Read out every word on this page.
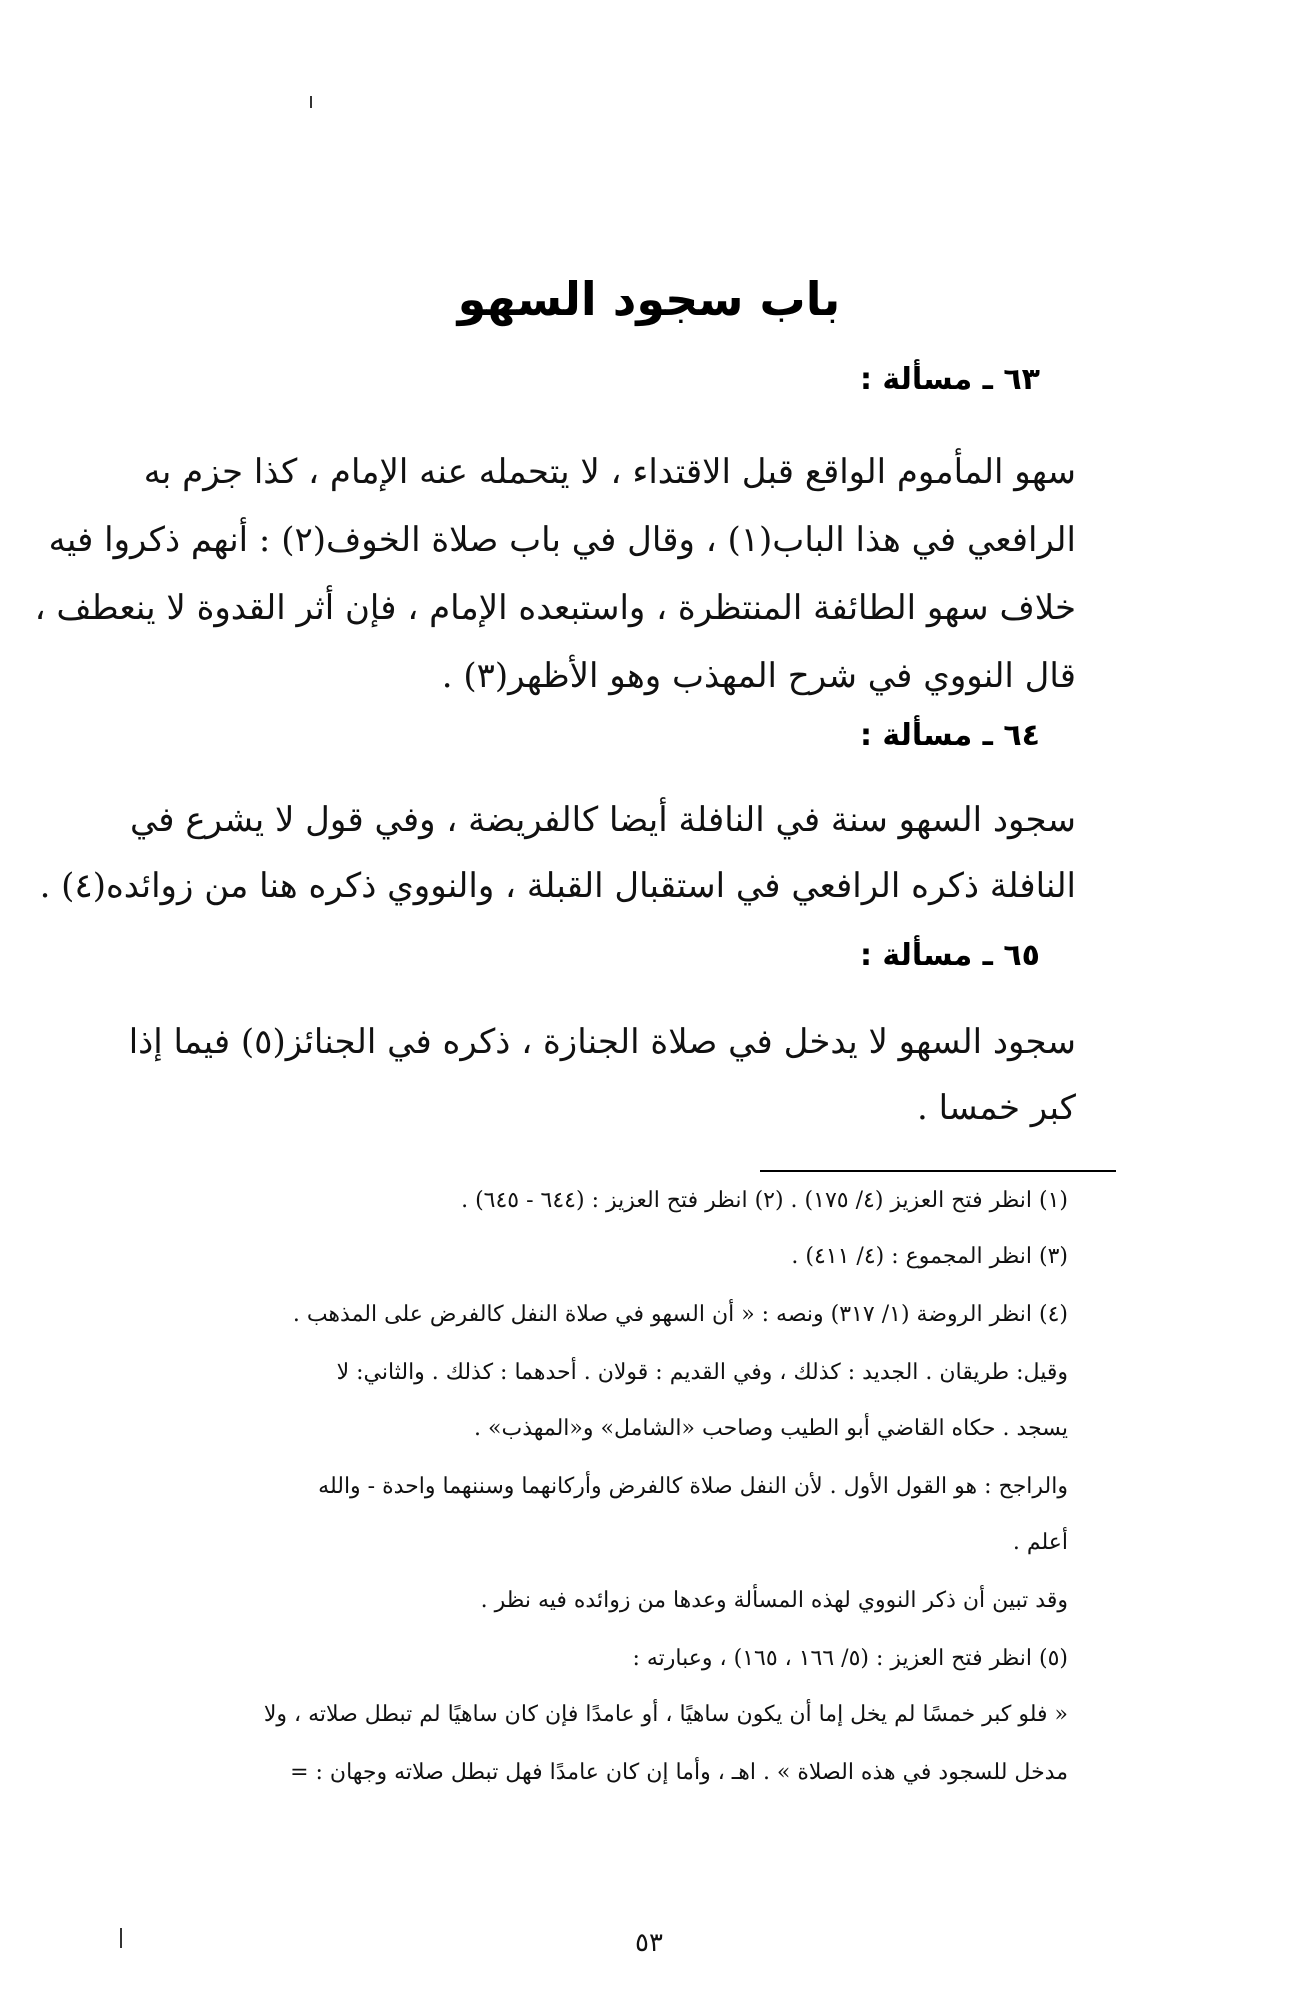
باب سجود السهو
٦٣ ـ مسألة :
سهو المأموم الواقع قبل الاقتداء ، لا يتحمله عنه الإمام ، كذا جزم به
الرافعي في هذا الباب(١) ، وقال في باب صلاة الخوف(٢) : أنهم ذكروا فيه
خلاف سهو الطائفة المنتظرة ، واستبعده الإمام ، فإن أثر القدوة لا ينعطف ،
قال النووي في شرح المهذب وهو الأظهر(٣) .
٦٤ ـ مسألة :
سجود السهو سنة في النافلة أيضا كالفريضة ، وفي قول لا يشرع في
النافلة ذكره الرافعي في استقبال القبلة ، والنووي ذكره هنا من زوائده(٤) .
٦٥ ـ مسألة :
سجود السهو لا يدخل في صلاة الجنازة ، ذكره في الجنائز(٥) فيما إذا
كبر خمسا .
(١) انظر فتح العزيز (٤/ ١٧٥) . (٢) انظر فتح العزيز : (٦٤٤ - ٦٤٥) .
(٣) انظر المجموع : (٤/ ٤١١) .
(٤) انظر الروضة (١/ ٣١٧) ونصه : « أن السهو في صلاة النفل كالفرض على المذهب .
وقيل: طريقان . الجديد : كذلك ، وفي القديم : قولان . أحدهما : كذلك . والثاني: لا
يسجد . حكاه القاضي أبو الطيب وصاحب «الشامل» و«المهذب» .
والراجح : هو القول الأول . لأن النفل صلاة كالفرض وأركانهما وسننهما واحدة - والله
أعلم .
وقد تبين أن ذكر النووي لهذه المسألة وعدها من زوائده فيه نظر .
(٥) انظر فتح العزيز : (٥/ ١٦٦ ، ١٦٥) ، وعبارته :
« فلو كبر خمسًا لم يخل إما أن يكون ساهيًا ، أو عامدًا فإن كان ساهيًا لم تبطل صلاته ، ولا
مدخل للسجود في هذه الصلاة » . اهـ ، وأما إن كان عامدًا فهل تبطل صلاته وجهان : =
٥٣
